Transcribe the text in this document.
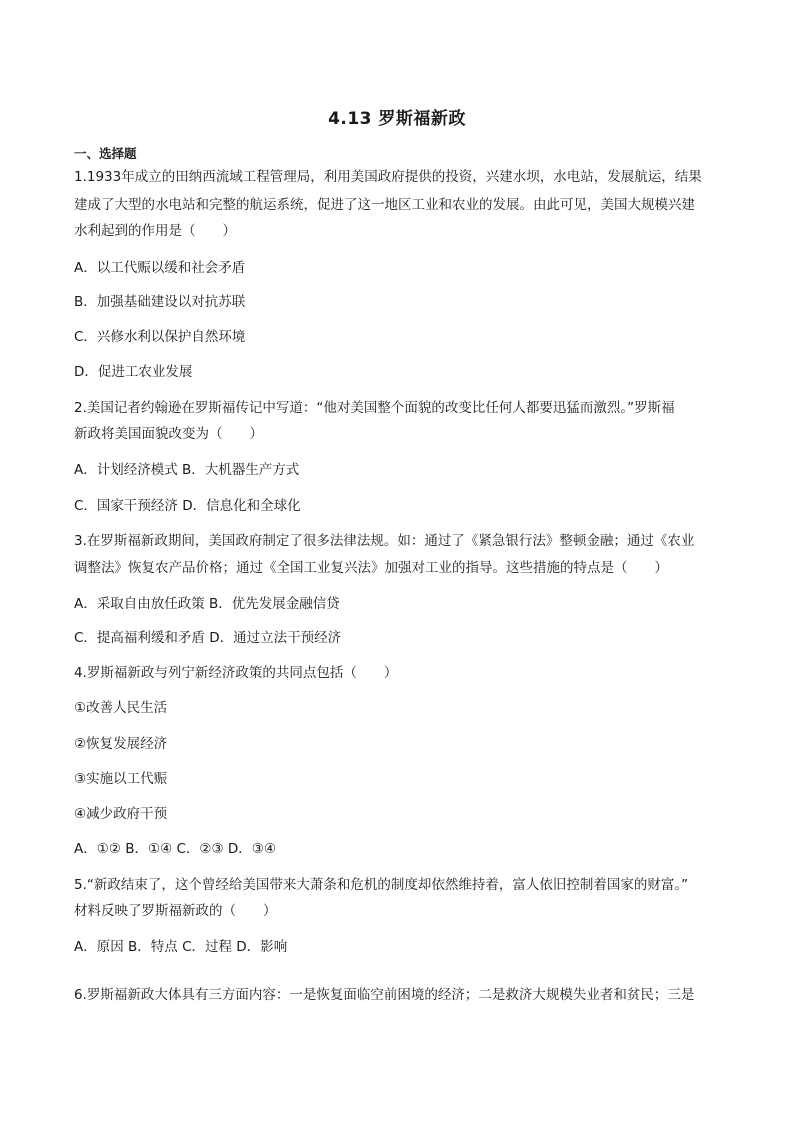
4.13 罗斯福新政
一、选择题
1.1933年成立的田纳西流域工程管理局，利用美国政府提供的投资，兴建水坝，水电站，发展航运，结果
建成了大型的水电站和完整的航运系统，促进了这一地区工业和农业的发展。由此可见，美国大规模兴建
水利起到的作用是（　　）
A．以工代赈以缓和社会矛盾
B．加强基础建设以对抗苏联
C．兴修水利以保护自然环境
D．促进工农业发展
2.美国记者约翰逊在罗斯福传记中写道：“他对美国整个面貌的改变比任何人都要迅猛而激烈。”罗斯福
新政将美国面貌改变为（　　）
A．计划经济模式 B．大机器生产方式
C．国家干预经济 D．信息化和全球化
3.在罗斯福新政期间，美国政府制定了很多法律法规。如：通过了《紧急银行法》整顿金融；通过《农业
调整法》恢复农产品价格；通过《全国工业复兴法》加强对工业的指导。这些措施的特点是（　　）
A．采取自由放任政策 B．优先发展金融信贷
C．提高福利缓和矛盾 D．通过立法干预经济
4.罗斯福新政与列宁新经济政策的共同点包括（　　）
①改善人民生活
②恢复发展经济
③实施以工代赈
④减少政府干预
A．①② B．①④ C．②③ D．③④
5.“新政结束了，这个曾经给美国带来大萧条和危机的制度却依然维持着，富人依旧控制着国家的财富。”
材料反映了罗斯福新政的（　　）
A．原因 B．特点 C．过程 D．影响
6.罗斯福新政大体具有三方面内容：一是恢复面临空前困境的经济；二是救济大规模失业者和贫民；三是
